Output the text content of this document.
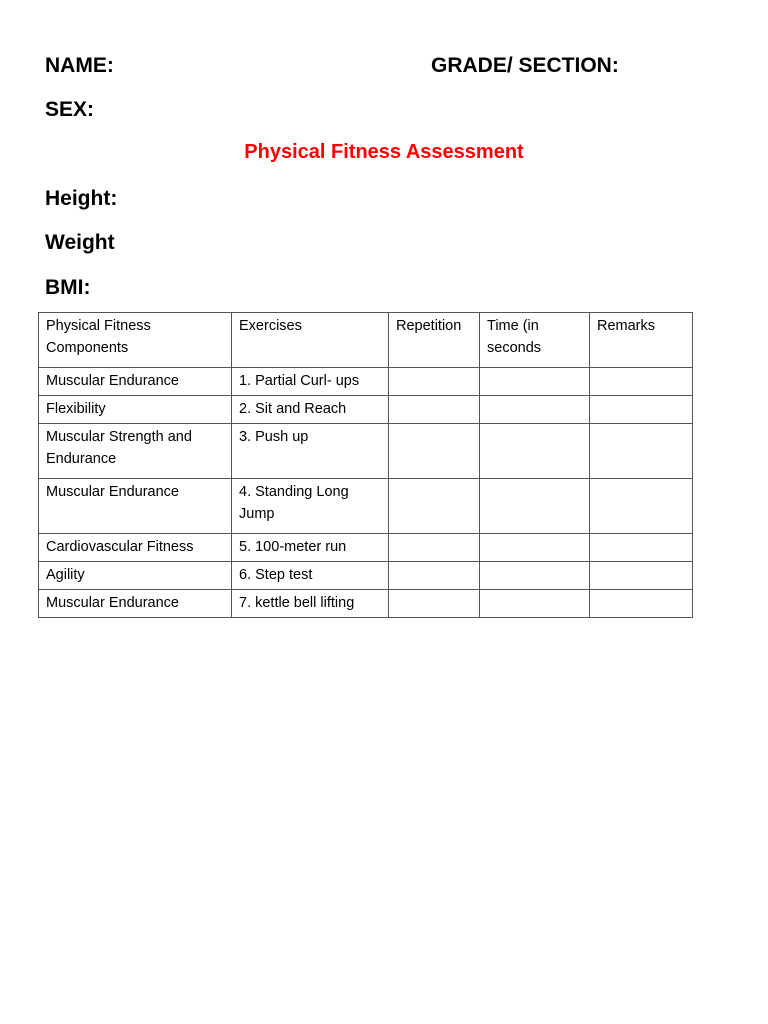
NAME:	GRADE/ SECTION:
SEX:
Physical Fitness Assessment
Height:
Weight
BMI:
Physical Fitness Components	Exercises	Repetition	Time (in seconds	Remarks
Muscular Endurance	1. Partial Curl- ups			
Flexibility	2. Sit and Reach			
Muscular Strength and Endurance	3. Push up			
Muscular Endurance	4. Standing Long Jump			
Cardiovascular Fitness	5. 100-meter run			
Agility	6. Step test			
Muscular Endurance	7. kettle bell lifting			
